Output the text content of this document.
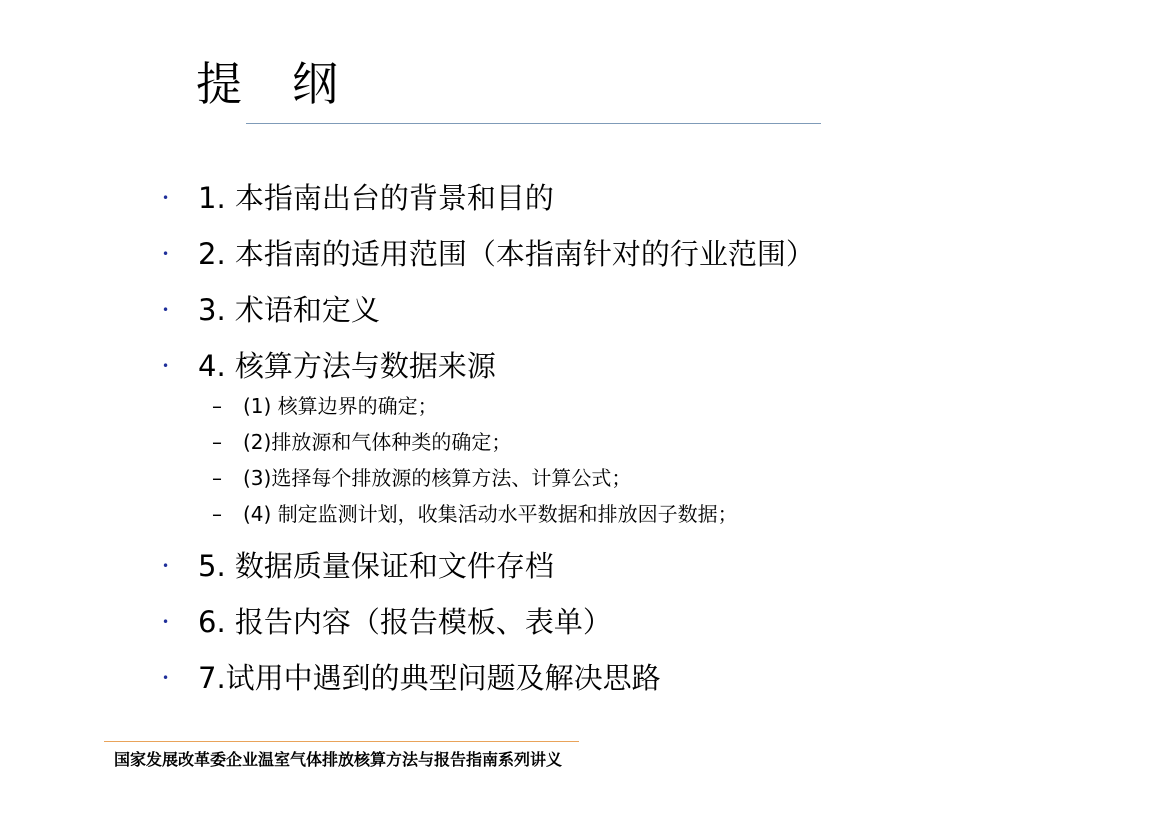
提　纲
• 1. 本指南出台的背景和目的
• 2. 本指南的适用范围（本指南针对的行业范围）
• 3. 术语和定义
• 4. 核算方法与数据来源
– (1) 核算边界的确定；
– (2)排放源和气体种类的确定；
– (3)选择每个排放源的核算方法、计算公式；
– (4) 制定监测计划，收集活动水平数据和排放因子数据；
• 5. 数据质量保证和文件存档
• 6. 报告内容（报告模板、表单）
• 7.试用中遇到的典型问题及解决思路
国家发展改革委企业温室气体排放核算方法与报告指南系列讲义
